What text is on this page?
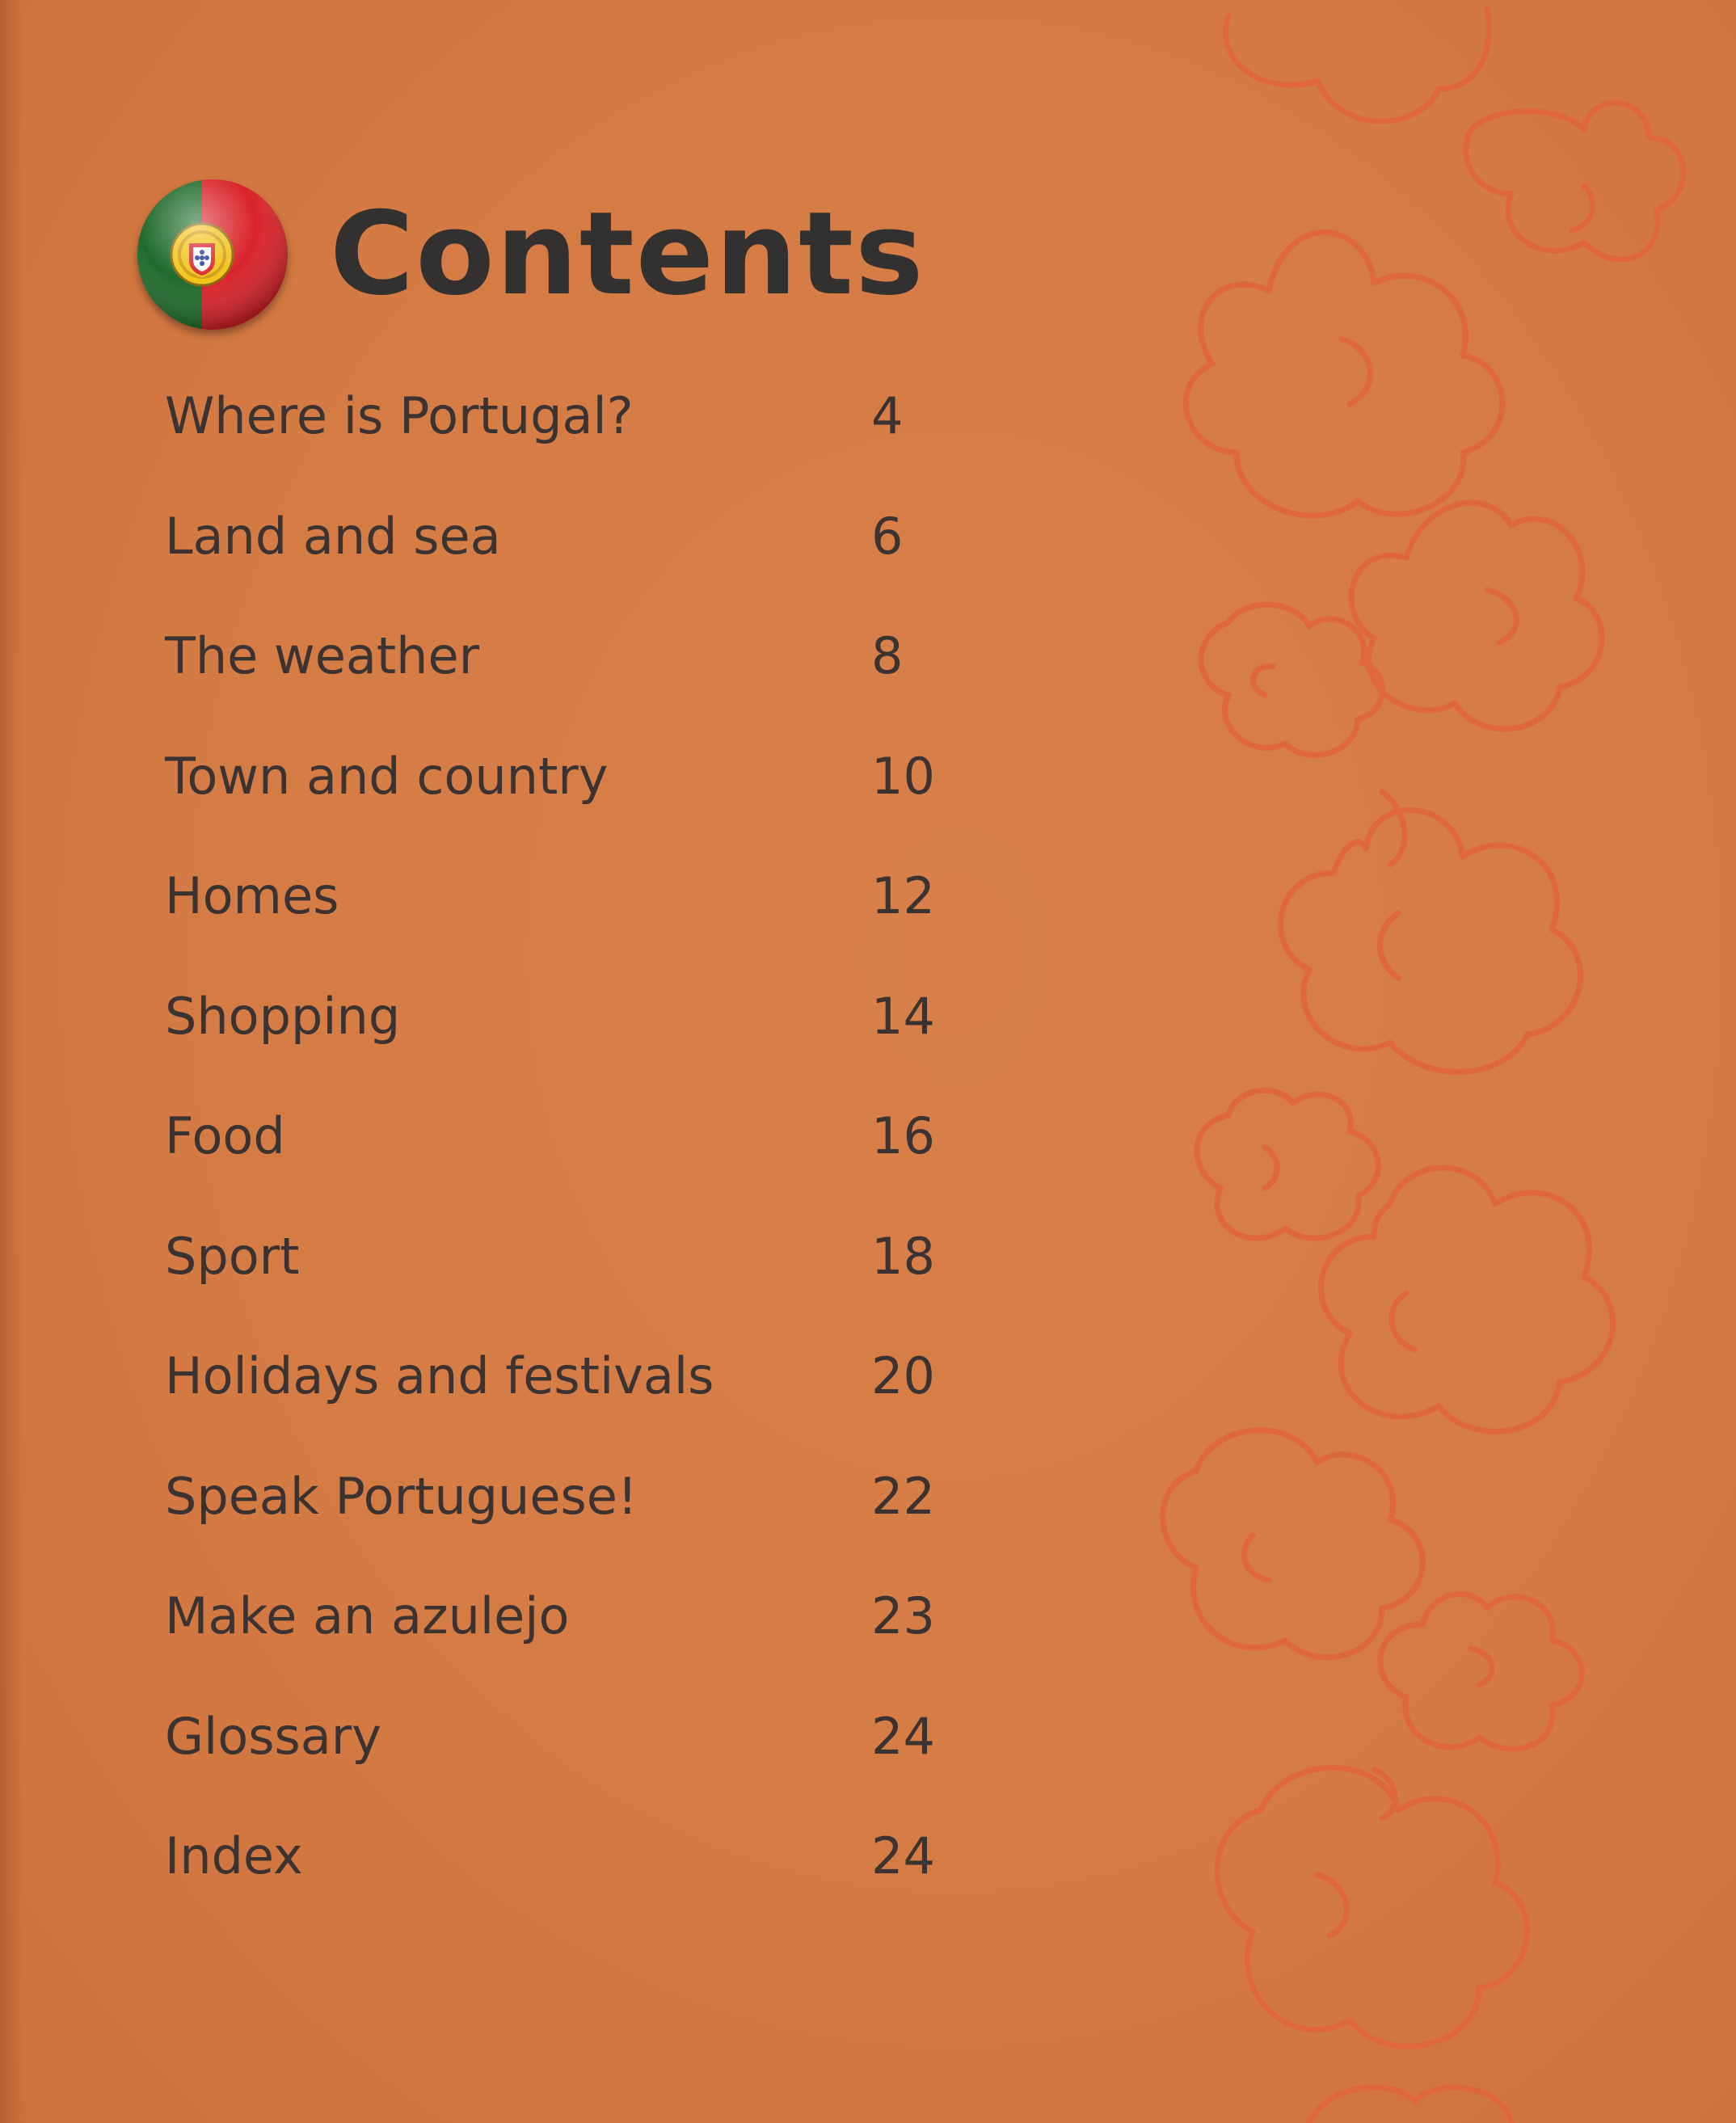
Contents
Where is Portugal?	4
Land and sea	6
The weather	8
Town and country	10
Homes	12
Shopping	14
Food	16
Sport	18
Holidays and festivals	20
Speak Portuguese!	22
Make an azulejo	23
Glossary	24
Index	24
